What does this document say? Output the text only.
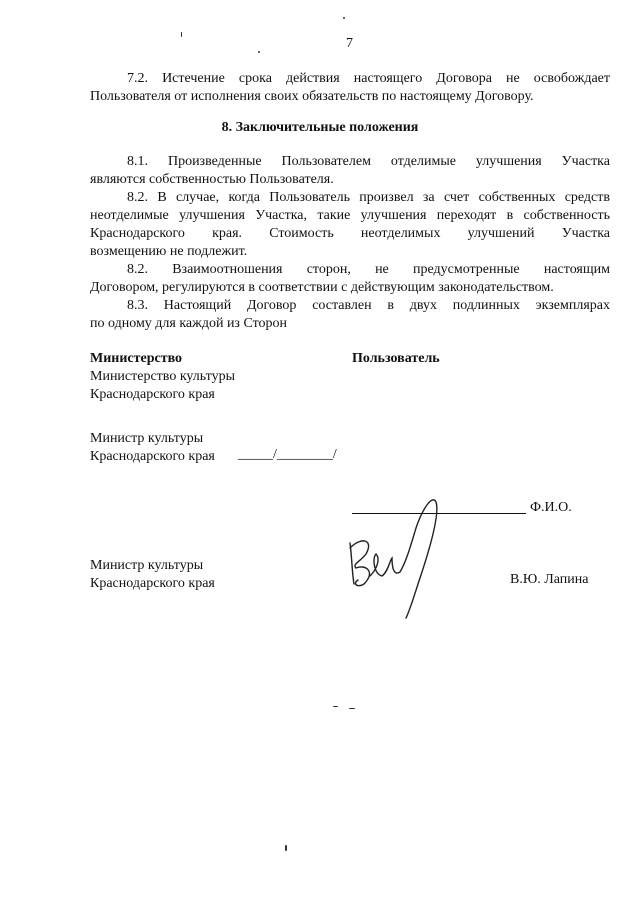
7
7.2. Истечение срока действия настоящего Договора не освобождает
Пользователя от исполнения своих обязательств по настоящему Договору.
8. Заключительные положения
8.1. Произведенные Пользователем отделимые улучшения Участка
являются собственностью Пользователя.
8.2. В случае, когда Пользователь произвел за счет собственных средств
неотделимые улучшения Участка, такие улучшения переходят в собственность
Краснодарского края. Стоимость неотделимых улучшений Участка
возмещению не подлежит.
8.2. Взаимоотношения сторон, не предусмотренные настоящим
Договором, регулируются в соответствии с действующим законодательством.
8.3. Настоящий Договор составлен в двух подлинных экземплярах
по одному для каждой из Сторон
Министерство
Министерство культуры
Краснодарского края
Пользователь
Министр культуры
Краснодарского края _____/________/
Ф.И.О.
Министр культуры
Краснодарского края	В.Ю. Лапина
